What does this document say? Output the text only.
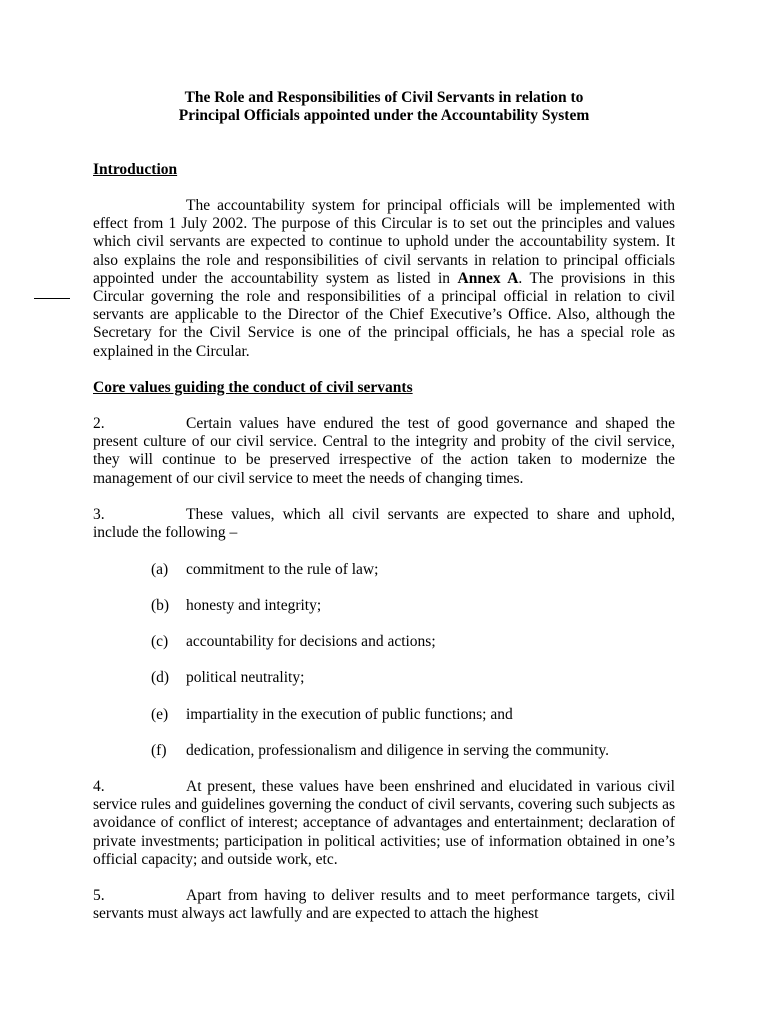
The Role and Responsibilities of Civil Servants in relation to
Principal Officials appointed under the Accountability System
Introduction
The accountability system for principal officials will be implemented with effect from 1 July 2002. The purpose of this Circular is to set out the principles and values which civil servants are expected to continue to uphold under the accountability system. It also explains the role and responsibilities of civil servants in relation to principal officials appointed under the accountability system as listed in Annex A. The provisions in this Circular governing the role and responsibilities of a principal official in relation to civil servants are applicable to the Director of the Chief Executive’s Office. Also, although the Secretary for the Civil Service is one of the principal officials, he has a special role as explained in the Circular.
Core values guiding the conduct of civil servants
2.	Certain values have endured the test of good governance and shaped the present culture of our civil service. Central to the integrity and probity of the civil service, they will continue to be preserved irrespective of the action taken to modernize the management of our civil service to meet the needs of changing times.
3.	These values, which all civil servants are expected to share and uphold, include the following –
(a) commitment to the rule of law;
(b) honesty and integrity;
(c) accountability for decisions and actions;
(d) political neutrality;
(e) impartiality in the execution of public functions; and
(f) dedication, professionalism and diligence in serving the community.
4.	At present, these values have been enshrined and elucidated in various civil service rules and guidelines governing the conduct of civil servants, covering such subjects as avoidance of conflict of interest; acceptance of advantages and entertainment; declaration of private investments; participation in political activities; use of information obtained in one’s official capacity; and outside work, etc.
5.	Apart from having to deliver results and to meet performance targets, civil servants must always act lawfully and are expected to attach the highest
